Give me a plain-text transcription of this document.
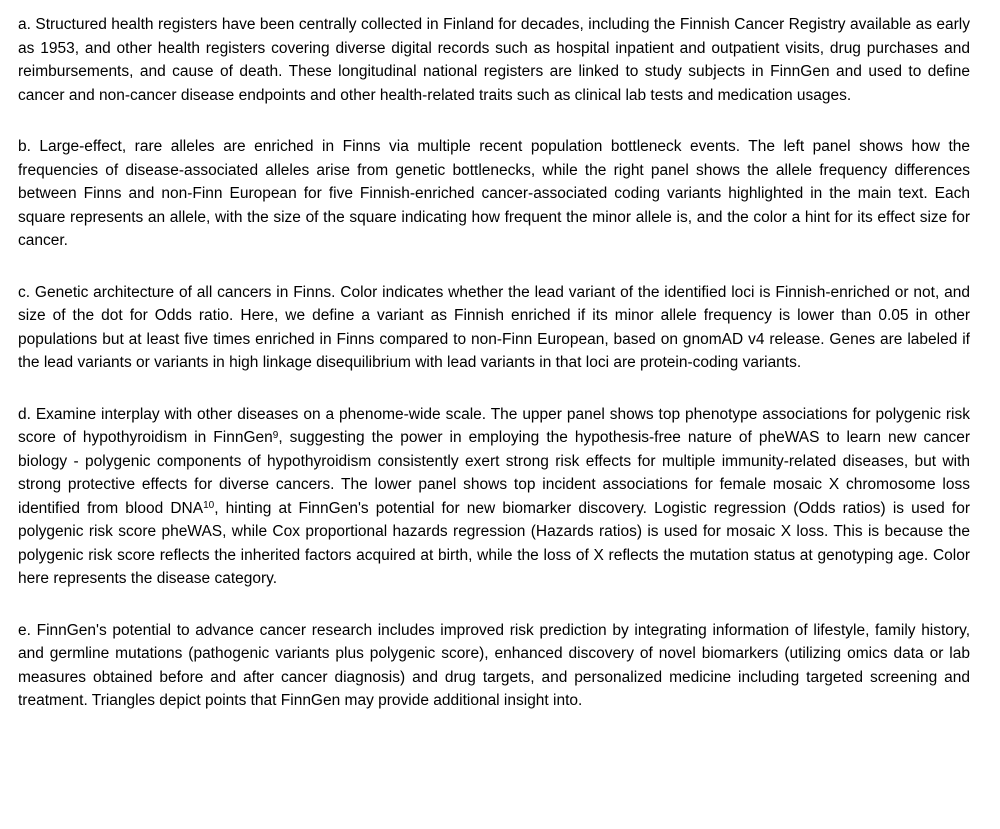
a. Structured health registers have been centrally collected in Finland for decades, including the Finnish Cancer Registry available as early as 1953, and other health registers covering diverse digital records such as hospital inpatient and outpatient visits, drug purchases and reimbursements, and cause of death. These longitudinal national registers are linked to study subjects in FinnGen and used to define cancer and non-cancer disease endpoints and other health-related traits such as clinical lab tests and medication usages.

b. Large-effect, rare alleles are enriched in Finns via multiple recent population bottleneck events. The left panel shows how the frequencies of disease-associated alleles arise from genetic bottlenecks, while the right panel shows the allele frequency differences between Finns and non-Finn European for five Finnish-enriched cancer-associated coding variants highlighted in the main text. Each square represents an allele, with the size of the square indicating how frequent the minor allele is, and the color a hint for its effect size for cancer.

c. Genetic architecture of all cancers in Finns. Color indicates whether the lead variant of the identified loci is Finnish-enriched or not, and size of the dot for Odds ratio. Here, we define a variant as Finnish enriched if its minor allele frequency is lower than 0.05 in other populations but at least five times enriched in Finns compared to non-Finn European, based on gnomAD v4 release. Genes are labeled if the lead variants or variants in high linkage disequilibrium with lead variants in that loci are protein-coding variants.

d. Examine interplay with other diseases on a phenome-wide scale. The upper panel shows top phenotype associations for polygenic risk score of hypothyroidism in FinnGen$^9$, suggesting the power in employing the hypothesis-free nature of pheWAS to learn new cancer biology - polygenic components of hypothyroidism consistently exert strong risk effects for multiple immunity-related diseases, but with strong protective effects for diverse cancers. The lower panel shows top incident associations for female mosaic X chromosome loss identified from blood DNA$^{10}$, hinting at FinnGen's potential for new biomarker discovery. Logistic regression (Odds ratios) is used for polygenic risk score pheWAS, while Cox proportional hazards regression (Hazards ratios) is used for mosaic X loss. This is because the polygenic risk score reflects the inherited factors acquired at birth, while the loss of X reflects the mutation status at genotyping age. Color here represents the disease category.

e. FinnGen's potential to advance cancer research includes improved risk prediction by integrating information of lifestyle, family history, and germline mutations (pathogenic variants plus polygenic score), enhanced discovery of novel biomarkers (utilizing omics data or lab measures obtained before and after cancer diagnosis) and drug targets, and personalized medicine including targeted screening and treatment. Triangles depict points that FinnGen may provide additional insight into.
